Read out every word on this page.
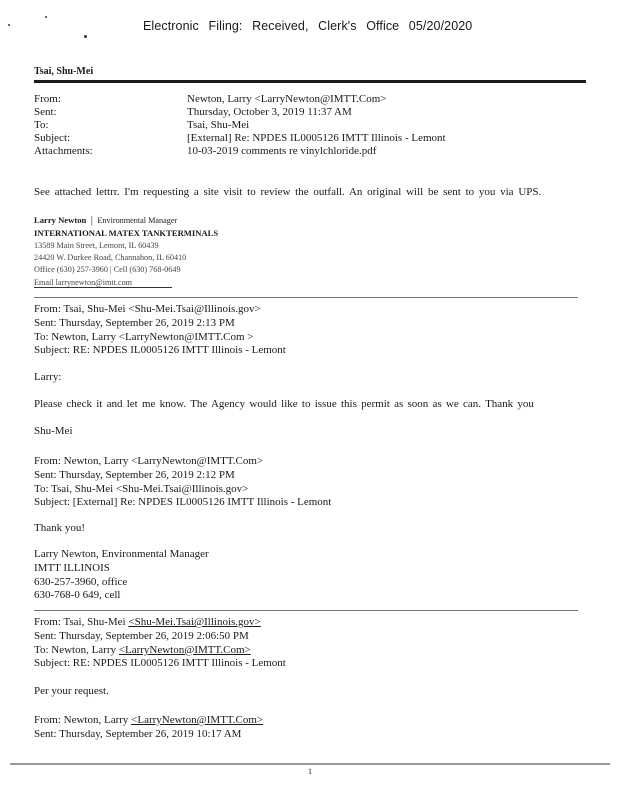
Electronic Filing: Received, Clerk's Office 05/20/2020
Tsai, Shu-Mei
From:	Newton, Larry <LarryNewton@IMTT.Com>
Sent:	Thursday, October 3, 2019 11:37 AM
To:	Tsai, Shu-Mei
Subject:	[External] Re: NPDES IL0005126 IMTT Illinois - Lemont
Attachments:	10-03-2019 comments re vinylchloride.pdf
See attached lettrr. I'm requesting a site visit to review the outfall. An original will be sent to you via UPS.
Larry Newton  |  Environmental Manager
INTERNATIONAL MATEX TANKTERMINALS
13589 Main Street, Lemont, IL 60439
24420 W. Durkee Road, Channahon, IL 60410
Office (630) 257-3960 | Cell (630) 768-0649
Email larrynewton@imtt.com
From: Tsai, Shu-Mei <Shu-Mei.Tsai@Illinois.gov>
Sent: Thursday, September 26, 2019 2:13 PM
To: Newton, Larry <LarryNewton@IMTT.Com >
Subject: RE: NPDES IL0005126 IMTT Illinois - Lemont
Larry:
Please check it and let me know. The Agency would like to issue this permit as soon as we can. Thank you
Shu-Mei
From: Newton, Larry <LarryNewton@IMTT.Com>
Sent: Thursday, September 26, 2019 2:12 PM
To: Tsai, Shu-Mei <Shu-Mei.Tsai@Illinois.gov>
Subject: [External] Re: NPDES IL0005126 IMTT Illinois - Lemont
Thank you!
Larry Newton, Environmental Manager
IMTT ILLINOIS
630-257-3960, office
630-768-0 649, cell
From: Tsai, Shu-Mei <Shu-Mei.Tsai@Illinois.gov>
Sent: Thursday, September 26, 2019 2:06:50 PM
To: Newton, Larry <LarryNewton@IMTT.Com>
Subject: RE: NPDES IL0005126 IMTT Illinois - Lemont
Per your request.
From: Newton, Larry <LarryNewton@IMTT.Com>
Sent: Thursday, September 26, 2019 10:17 AM
1
